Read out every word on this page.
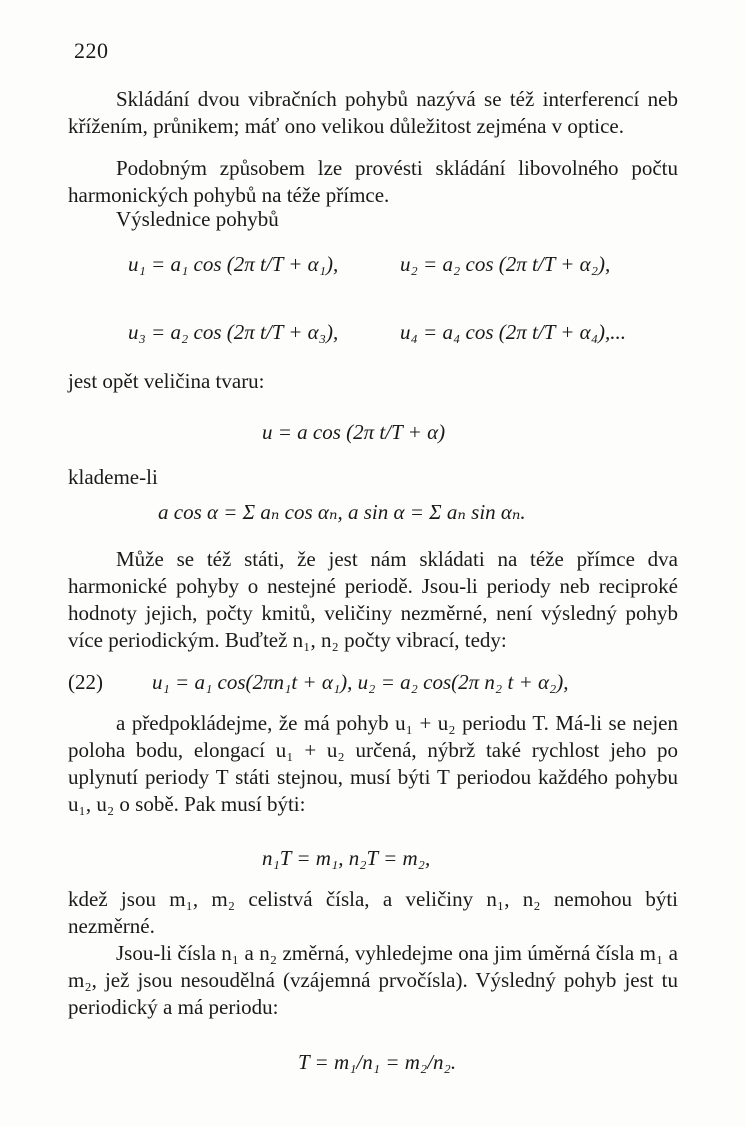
220

Skládání dvou vibračních pohybů nazývá se též interferencí neb křížením, průnikem; máť ono velikou důležitost zejména v optice.

Podobným způsobem lze provésti skládání libovolného počtu harmonických pohybů na téže přímce.

Výslednice pohybů

u₁ = a₁ cos (2π t/T + α₁),	u₂ = a₂ cos (2π t/T + α₂),
u₃ = a₂ cos (2π t/T + α₃),	u₄ = a₄ cos (2π t/T + α₄),...

jest opět veličina tvaru:

u = a cos (2π t/T + α)

klademe-li

a cos α = Σ aₙ cos αₙ, a sin α = Σ aₙ sin αₙ.

Může se též státi, že jest nám skládati na téže přímce dva harmonické pohyby o nestejné periodě. Jsou-li periody neb reciproké hodnoty jejich, počty kmitů, veličiny nezměrné, není výsledný pohyb více periodickým. Buďtež n₁, n₂ počty vibrací, tedy:

(22) u₁ = a₁ cos(2πn₁t + α₁), u₂ = a₂ cos(2π n₂ t + α₂),

a předpokládejme, že má pohyb u₁ + u₂ periodu T. Má-li se nejen poloha bodu, elongací u₁ + u₂ určená, nýbrž také rychlost jeho po uplynutí periody T státi stejnou, musí býti T periodou každého pohybu u₁, u₂ o sobě. Pak musí býti:

n₁T = m₁, n₂T = m₂,

kdež jsou m₁, m₂ celistvá čísla, a veličiny n₁, n₂ nemohou býti nezměrné.

Jsou-li čísla n₁ a n₂ změrná, vyhledejme ona jim úměrná čísla m₁ a m₂, jež jsou nesoudělná (vzájemná prvočísla). Výsledný pohyb jest tu periodický a má periodu:

T = m₁/n₁ = m₂/n₂.
